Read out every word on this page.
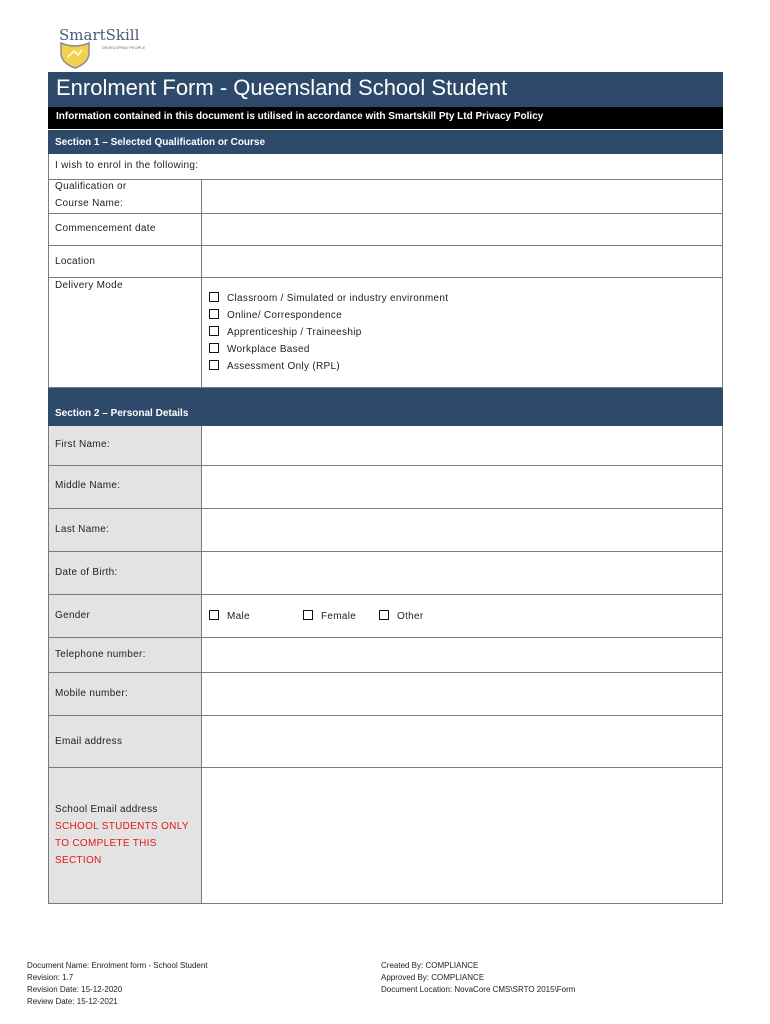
SmartSkill
DEVELOPING PEOPLE
Enrolment Form - Queensland School Student
Information contained in this document is utilised in accordance with Smartskill Pty Ltd Privacy Policy
Section 1 – Selected Qualification or Course
I wish to enrol in the following:
Qualification or
Course Name:
Commencement date
Location
Delivery Mode
Classroom / Simulated or industry environment
Online/ Correspondence
Apprenticeship / Traineeship
Workplace Based
Assessment Only (RPL)
Section 2 – Personal Details
First Name:
Middle Name:
Last Name:
Date of Birth:
Gender	Male	Female	Other
Telephone number:
Mobile number:
Email address
School Email address
SCHOOL STUDENTS ONLY
TO COMPLETE THIS
SECTION
Document Name: Enrolment form - School Student
Revision: 1.7
Revision Date: 15-12-2020
Review Date: 15-12-2021
Created By: COMPLIANCE
Approved By: COMPLIANCE
Document Location: NovaCore CMS\SRTO 2015\Form
